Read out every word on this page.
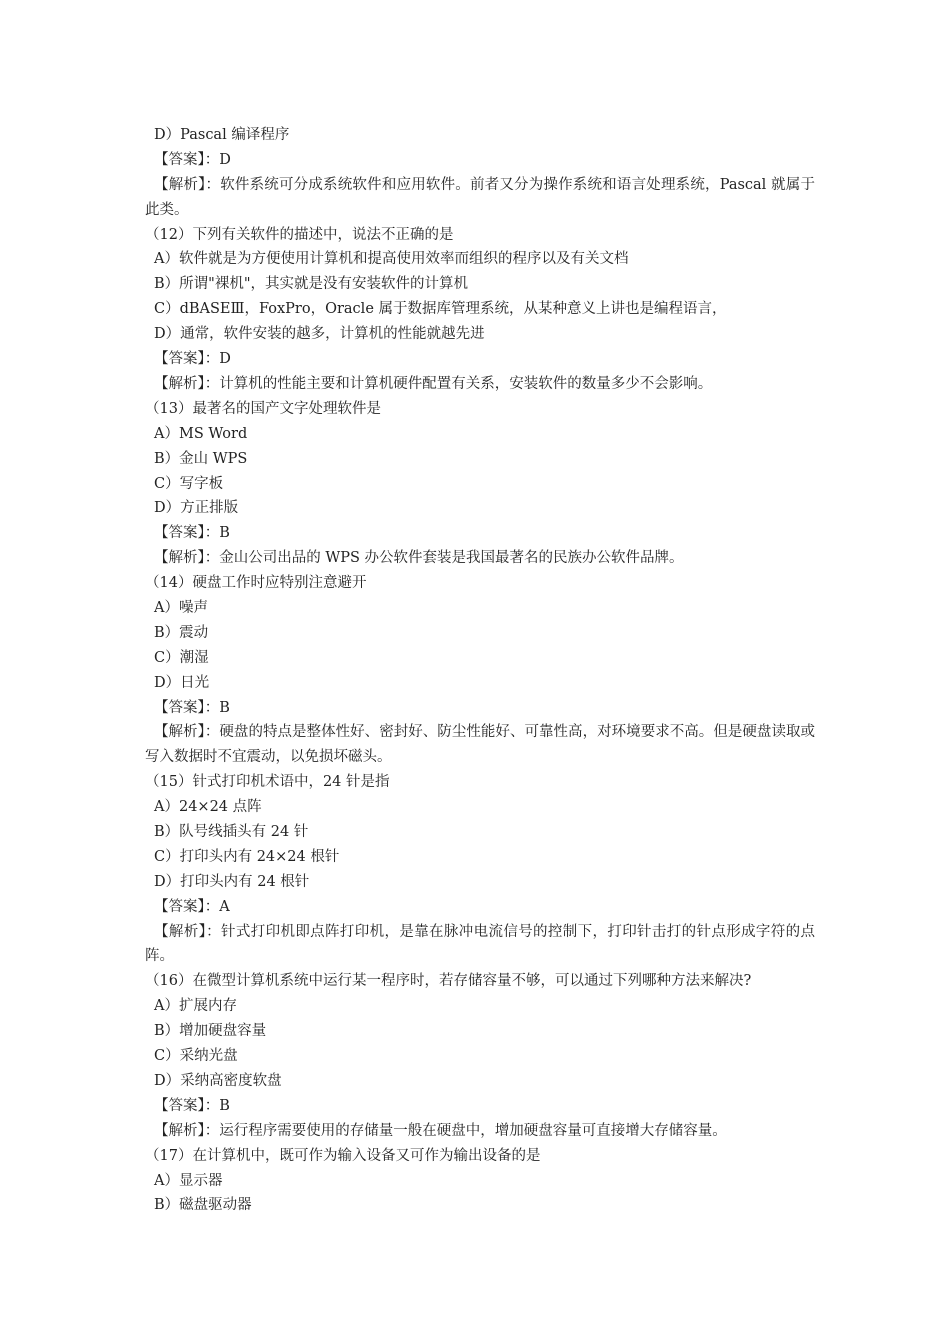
D）Pascal 编译程序
【答案】：D
【解析】：软件系统可分成系统软件和应用软件。前者又分为操作系统和语言处理系统，Pascal 就属于此类。
（12）下列有关软件的描述中，说法不正确的是
A）软件就是为方便使用计算机和提高使用效率而组织的程序以及有关文档
B）所谓"裸机"，其实就是没有安装软件的计算机
C）dBASEⅢ，FoxPro，Oracle 属于数据库管理系统，从某种意义上讲也是编程语言，
D）通常，软件安装的越多，计算机的性能就越先进
【答案】：D
【解析】：计算机的性能主要和计算机硬件配置有关系，安装软件的数量多少不会影响。
（13）最著名的国产文字处理软件是
A）MS Word
B）金山 WPS
C）写字板
D）方正排版
【答案】：B
【解析】：金山公司出品的 WPS 办公软件套装是我国最著名的民族办公软件品牌。
（14）硬盘工作时应特别注意避开
A）噪声
B）震动
C）潮湿
D）日光
【答案】：B
【解析】：硬盘的特点是整体性好、密封好、防尘性能好、可靠性高，对环境要求不高。但是硬盘读取或写入数据时不宜震动，以免损坏磁头。
（15）针式打印机术语中，24 针是指
A）24×24 点阵
B）队号线插头有 24 针
C）打印头内有 24×24 根针
D）打印头内有 24 根针
【答案】：A
【解析】：针式打印机即点阵打印机，是靠在脉冲电流信号的控制下，打印针击打的针点形成字符的点阵。
（16）在微型计算机系统中运行某一程序时，若存储容量不够，可以通过下列哪种方法来解决?
A）扩展内存
B）增加硬盘容量
C）采纳光盘
D）采纳高密度软盘
【答案】：B
【解析】：运行程序需要使用的存储量一般在硬盘中，增加硬盘容量可直接增大存储容量。
（17）在计算机中，既可作为输入设备又可作为输出设备的是
A）显示器
B）磁盘驱动器
